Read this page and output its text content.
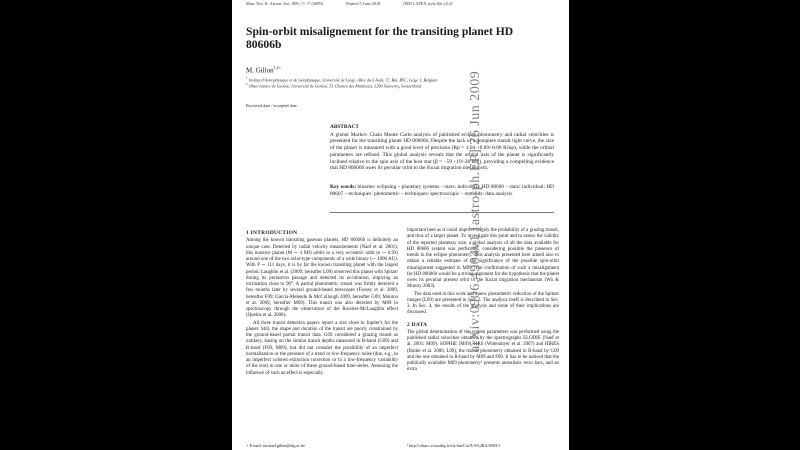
Mon. Not. R. Astron. Soc. 000, ??–?? (2009)	Printed 5 June 2018	(MN LATEX style file v2.2)
Spin-orbit misalignement for the transiting planet HD 80606b
M. Gillon$^{1,2⋆}$
$^1$ Institut d'Astrophysique et de Géophysique, Université de Liège, Allée du 6 Août, 17, Bat. B5C, Liège 1, Belgium
$^2$ Observatoire de Genève, Université de Genève, 51 Chemin des Maillettes, 1290 Sauverny, Switzerland
Received date / accepted date
ABSTRACT

A global Markov Chain Monte Carlo analysis of published eclipse photometry and radial velocities is presented for the transiting planet HD 80606b. Despite the lack of a complete transit light curve, the size of the planet is measured with a good level of precision (Rp = 1.04 +0.09/-0.08 RJup), while the orbital parameters are refined. This global analysis reveals that the orbital axis of the planet is significantly inclined relative to the spin axis of the host star (β = −59 +19/-26 deg), providing a compelling evidence that HD 80606b owes its peculiar orbit to the Kozai migration mechanism.

Key words: binaries: eclipsing – planetary systems – stars: individual: HD 80606 – stars: individual: HD 80607 – techniques: photometric – techniques: spectroscopic – methods: data analysis
1 INTRODUCTION

Among the known transiting gaseous planets, HD 80606b is definitely an unique case. Detected by radial velocity measurements (Naef et al. 2001), this massive planet (M ∼ 4 MJ) orbits in a very eccentric orbit (e ∼ 0.93) around one of the two solar-type components of a wide binary (∼ 1000 AU). With P ∼ 111 days, it is by far the known transiting planet with the largest period. Laughlin et al. (2009; hereafter L09) observed this planet with Spitzer during its periastron passage and detected its occultation, implying an inclination close to 90°. A partial photometric transit was firmly detected a few months later by several ground-based telescopes (Fossey et al. 2009, hereafter F09; Garcia-Melendo & McCullough 2009, hereafter G09; Moutou et al. 2009, hereafter M09). This transit was also detected by M09 in spectroscopy through the observation of the Rossiter-McLaughlin effect (Queloz et al. 2000).

All three transit detection papers report a size close to Jupiter's for the planet. Still, the shape and duration of the transit are poorly constrained by the ground-based partial transit data. G09 considered a grazing transit as unlikely, basing on the similar transit depths measured in B-band (G09) and R-band (F09, M09), but did not consider the possibility of an imperfect normalization or the presence of a trend or low-frequency noise (due, e.g., to an imperfect colored extinction correction or to a low-frequency variability of the star) in one or more of these ground-based time-series. Assessing the influence of such an effect is especially

⋆ E-mail: michael.gillon@ulg.ac.be

important here as it could improve largely the probability of a grazing transit, and thus of a larger planet. To investigate this point and to assess the validity of the reported planetary size, a global analysis of all the data available for HD 80606 system was performed, considering possible the presence of trends in the eclipse photometry. This analysis presented here aimed also to obtain a reliable estimate of the significance of the possible spin-orbit misalignment suggested in M09. The confirmation of such a misalignment for HD 80606b would be a strong argument for the hypothesis that the planet owes its peculiar present orbit to the Kozai migration mechanism (Wu & Murray 2003).

The data used in this work and a new photometric reduction of the Spitzer images (L09) are presented in Sec. 2. The analysis itself is described in Sec. 3. In Sec. 4, the results of the analysis and some of their implications are discussed.

2 DATA

The global determination of the system parameters was performed using the published radial velocities obtained by the spectrographs ELODIE (Naef et al. 2001; M09), SOPHIE (M09), HRS (Wittenmyer et al. 2007) and HIRES (Butler et al. 2006, L09), the transit photometry obtained in B-band by G09 and the one obtained in R-band by M09 and F09. It has to be noticed that the publically available M09 photometry¹ presents unrealistic error bars, and an extra

¹ http://cdsarc.u-strasbg.fr/viz-bin/Cat?J/A%2BA/498/L5
arXiv:0906.4904v1 [astro-ph.EP] 26 Jun 2009
